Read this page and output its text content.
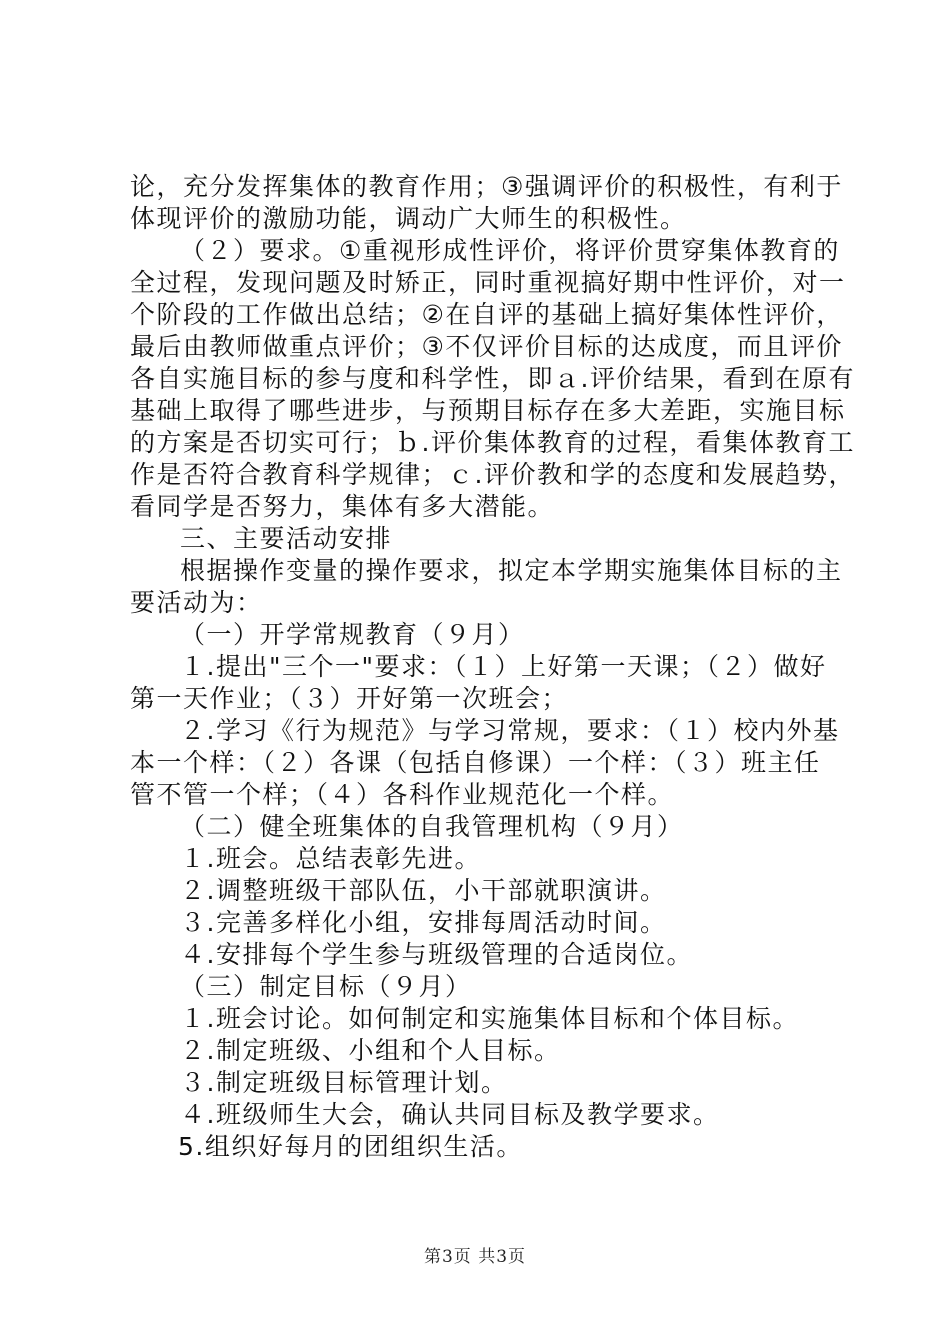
论，充分发挥集体的教育作用；③强调评价的积极性，有利于
体现评价的激励功能，调动广大师生的积极性。
（２）要求。①重视形成性评价，将评价贯穿集体教育的
全过程，发现问题及时矫正，同时重视搞好期中性评价，对一
个阶段的工作做出总结；②在自评的基础上搞好集体性评价，
最后由教师做重点评价；③不仅评价目标的达成度，而且评价
各自实施目标的参与度和科学性，即ａ.评价结果，看到在原有
基础上取得了哪些进步，与预期目标存在多大差距，实施目标
的方案是否切实可行；ｂ.评价集体教育的过程，看集体教育工
作是否符合教育科学规律；ｃ.评价教和学的态度和发展趋势，
看同学是否努力，集体有多大潜能。
三、主要活动安排
根据操作变量的操作要求，拟定本学期实施集体目标的主
要活动为：
（一）开学常规教育（９月）
１.提出"三个一"要求：（１）上好第一天课；（２）做好
第一天作业；（３）开好第一次班会；
２.学习《行为规范》与学习常规，要求：（１）校内外基
本一个样：（２）各课（包括自修课）一个样：（３）班主任
管不管一个样；（４）各科作业规范化一个样。
（二）健全班集体的自我管理机构（９月）
１.班会。总结表彰先进。
２.调整班级干部队伍，小干部就职演讲。
３.完善多样化小组，安排每周活动时间。
４.安排每个学生参与班级管理的合适岗位。
（三）制定目标（９月）
１.班会讨论。如何制定和实施集体目标和个体目标。
２.制定班级、小组和个人目标。
３.制定班级目标管理计划。
４.班级师生大会，确认共同目标及教学要求。
5.组织好每月的团组织生活。
第3页 共3页
